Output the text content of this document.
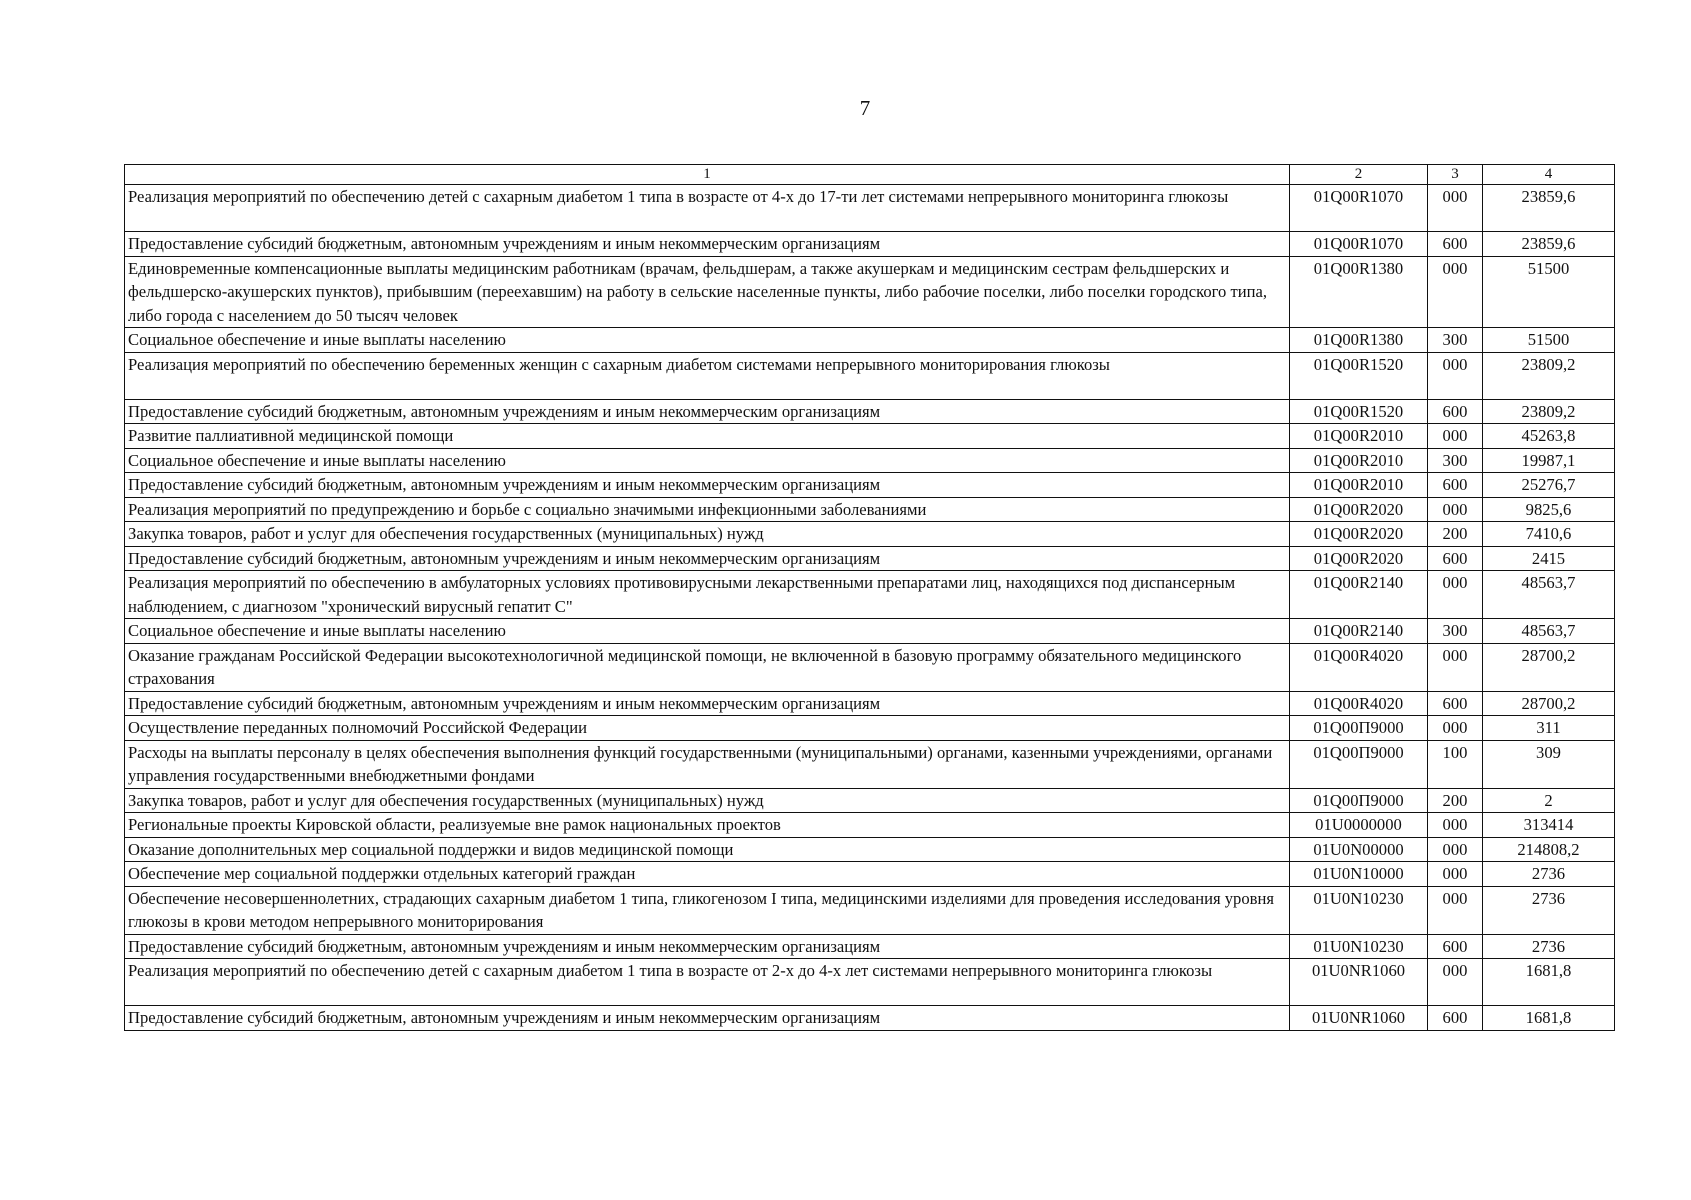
7
1	2	3	4
Реализация мероприятий по обеспечению детей с сахарным диабетом 1 типа в возрасте от 4-х до 17-ти лет системами непрерывного мониторинга глюкозы	01Q00R1070	000	23859,6
Предоставление субсидий бюджетным, автономным учреждениям и иным некоммерческим организациям	01Q00R1070	600	23859,6
Единовременные компенсационные выплаты медицинским работникам (врачам, фельдшерам, а также акушеркам и медицинским сестрам фельдшерских и фельдшерско-акушерских пунктов), прибывшим (переехавшим) на работу в сельские населенные пункты, либо рабочие поселки, либо поселки городского типа, либо города с населением до 50 тысяч человек	01Q00R1380	000	51500
Социальное обеспечение и иные выплаты населению	01Q00R1380	300	51500
Реализация мероприятий по обеспечению беременных женщин с сахарным диабетом системами непрерывного мониторирования глюкозы	01Q00R1520	000	23809,2
Предоставление субсидий бюджетным, автономным учреждениям и иным некоммерческим организациям	01Q00R1520	600	23809,2
Развитие паллиативной медицинской помощи	01Q00R2010	000	45263,8
Социальное обеспечение и иные выплаты населению	01Q00R2010	300	19987,1
Предоставление субсидий бюджетным, автономным учреждениям и иным некоммерческим организациям	01Q00R2010	600	25276,7
Реализация мероприятий по предупреждению и борьбе с социально значимыми инфекционными заболеваниями	01Q00R2020	000	9825,6
Закупка товаров, работ и услуг для обеспечения государственных (муниципальных) нужд	01Q00R2020	200	7410,6
Предоставление субсидий бюджетным, автономным учреждениям и иным некоммерческим организациям	01Q00R2020	600	2415
Реализация мероприятий по обеспечению в амбулаторных условиях противовирусными лекарственными препаратами лиц, находящихся под диспансерным наблюдением, с диагнозом "хронический вирусный гепатит С"	01Q00R2140	000	48563,7
Социальное обеспечение и иные выплаты населению	01Q00R2140	300	48563,7
Оказание гражданам Российской Федерации высокотехнологичной медицинской помощи, не включенной в базовую программу обязательного медицинского страхования	01Q00R4020	000	28700,2
Предоставление субсидий бюджетным, автономным учреждениям и иным некоммерческим организациям	01Q00R4020	600	28700,2
Осуществление переданных полномочий Российской Федерации	01Q00П9000	000	311
Расходы на выплаты персоналу в целях обеспечения выполнения функций государственными (муниципальными) органами, казенными учреждениями, органами управления государственными внебюджетными фондами	01Q00П9000	100	309
Закупка товаров, работ и услуг для обеспечения государственных (муниципальных) нужд	01Q00П9000	200	2
Региональные проекты Кировской области, реализуемые вне рамок национальных проектов	01U0000000	000	313414
Оказание дополнительных мер социальной поддержки и видов медицинской помощи	01U0N00000	000	214808,2
Обеспечение мер социальной поддержки отдельных категорий граждан	01U0N10000	000	2736
Обеспечение несовершеннолетних, страдающих сахарным диабетом 1 типа, гликогенозом I типа, медицинскими изделиями для проведения исследования уровня глюкозы в крови методом непрерывного мониторирования	01U0N10230	000	2736
Предоставление субсидий бюджетным, автономным учреждениям и иным некоммерческим организациям	01U0N10230	600	2736
Реализация мероприятий по обеспечению детей с сахарным диабетом 1 типа в возрасте от 2-х до 4-х лет системами непрерывного мониторинга глюкозы	01U0NR1060	000	1681,8
Предоставление субсидий бюджетным, автономным учреждениям и иным некоммерческим организациям	01U0NR1060	600	1681,8
